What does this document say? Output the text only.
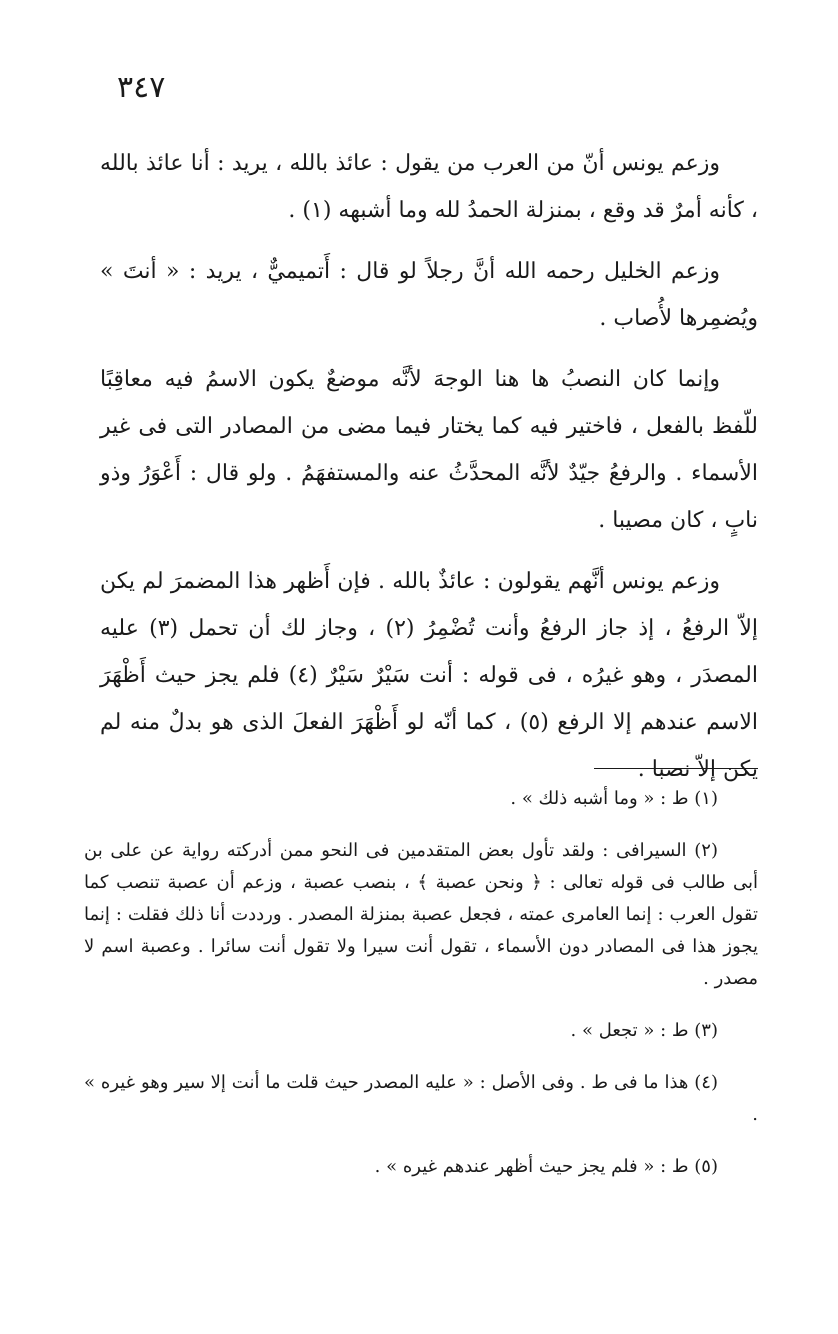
٣٤٧

وزعم يونس أنّ من العرب من يقول : عائذ بالله ، يريد : أنا عائذ بالله ، كأنه أمرٌ قد وقع ، بمنزلة الحمدُ لله وما أشبهه (١) .

وزعم الخليل رحمه الله أنَّ رجلاً لو قال : أَتميميٌّ ، يريد : « أنتَ » ويُضمِرها لأُصاب .

وإنما كان النصبُ ها هنا الوجهَ لأنَّه موضعٌ يكون الاسمُ فيه معاقِبًا للّفظ بالفعل ، فاختير فيه كما يختار فيما مضى من المصادر التى فى غير الأسماء . والرفعُ جيّدٌ لأنَّه المحدَّثُ عنه والمستفهَمُ . ولو قال : أَعْوَرُ وذو نابٍ ، كان مصيبا .

وزعم يونس أنَّهم يقولون : عائذٌ بالله . فإن أَظهر هذا المضمرَ لم يكن إلاّ الرفعُ ، إذ جاز الرفعُ وأنت تُضْمِرُ (٢) ، وجاز لك أن تحمل (٣) عليه المصدَر ، وهو غيرُه ، فى قوله : أنت سَيْرٌ سَيْرٌ (٤) فلم يجز حيث أَظْهَرَ الاسم عندهم إلا الرفع (٥) ، كما أنّه لو أَظْهَرَ الفعلَ الذى هو بدلٌ منه لم يكن إلاّ نصبا .

(١) ط : « وما أشبه ذلك » .

(٢) السيرافى : ولقد تأول بعض المتقدمين فى النحو ممن أدركته رواية عن على بن أبى طالب فى قوله تعالى : ﴿ ونحن عصبة ﴾ ، بنصب عصبة ، وزعم أن عصبة تنصب كما تقول العرب : إنما العامرى عمته ، فجعل عصبة بمنزلة المصدر . ورددت أنا ذلك فقلت : إنما يجوز هذا فى المصادر دون الأسماء ، تقول أنت سيرا ولا تقول أنت سائرا . وعصبة اسم لا مصدر .

(٣) ط : « تجعل » .

(٤) هذا ما فى ط . وفى الأصل : « عليه المصدر حيث قلت ما أنت إلا سير وهو غيره » .

(٥) ط : « فلم يجز حيث أظهر عندهم غيره » .
